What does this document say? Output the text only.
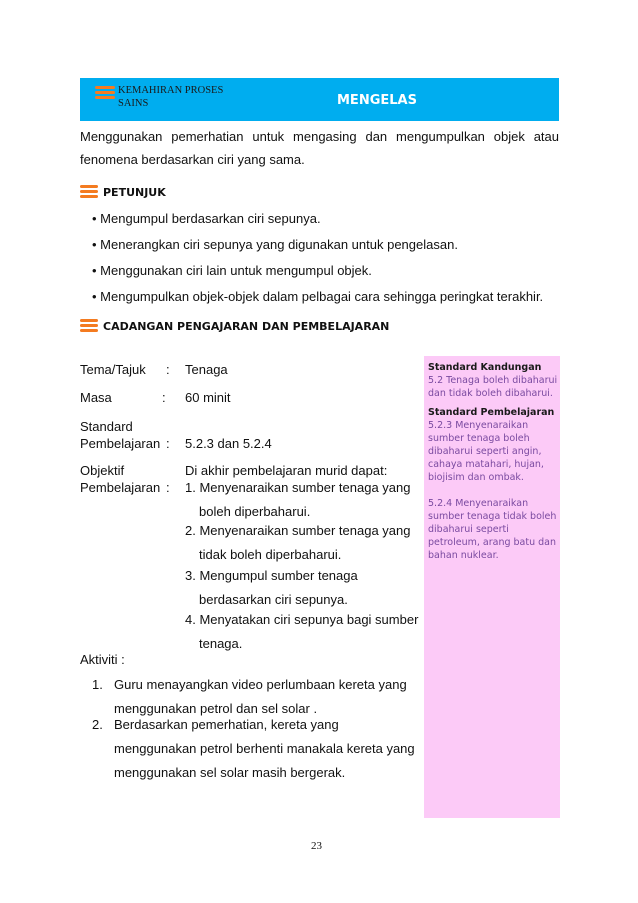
KEMAHIRAN PROSES
SAINS	MENGELAS
Menggunakan pemerhatian untuk mengasing dan mengumpulkan objek atau
fenomena berdasarkan ciri yang sama.
PETUNJUK
• Mengumpul berdasarkan ciri sepunya.
• Menerangkan ciri sepunya yang digunakan untuk pengelasan.
• Menggunakan ciri lain untuk mengumpul objek.
• Mengumpulkan objek-objek dalam pelbagai cara sehingga peringkat terakhir.
CADANGAN PENGAJARAN DAN PEMBELAJARAN
Standard Kandungan
5.2 Tenaga boleh dibaharui
dan tidak boleh dibaharui.
Standard Pembelajaran
5.2.3 Menyenaraikan
sumber tenaga boleh
dibaharui seperti angin,
cahaya matahari, hujan,
biojisim dan ombak.
5.2.4 Menyenaraikan
sumber tenaga tidak boleh
dibaharui seperti
petroleum, arang batu dan
bahan nuklear.
Tema/Tajuk : Tenaga
Masa	: 60 minit
Standard
Pembelajaran : 5.2.3 dan 5.2.4
Objektif
Pembelajaran :
Di akhir pembelajaran murid dapat:
1. Menyenaraikan sumber tenaga yang
boleh diperbaharui.
2. Menyenaraikan sumber tenaga yang
tidak boleh diperbaharui.
3. Mengumpul sumber tenaga
berdasarkan ciri sepunya.
4. Menyatakan ciri sepunya bagi sumber
tenaga.
Aktiviti :
1. Guru menayangkan video perlumbaan kereta yang
menggunakan petrol dan sel solar .
2. Berdasarkan pemerhatian, kereta yang
menggunakan petrol berhenti manakala kereta yang
menggunakan sel solar masih bergerak.
23
